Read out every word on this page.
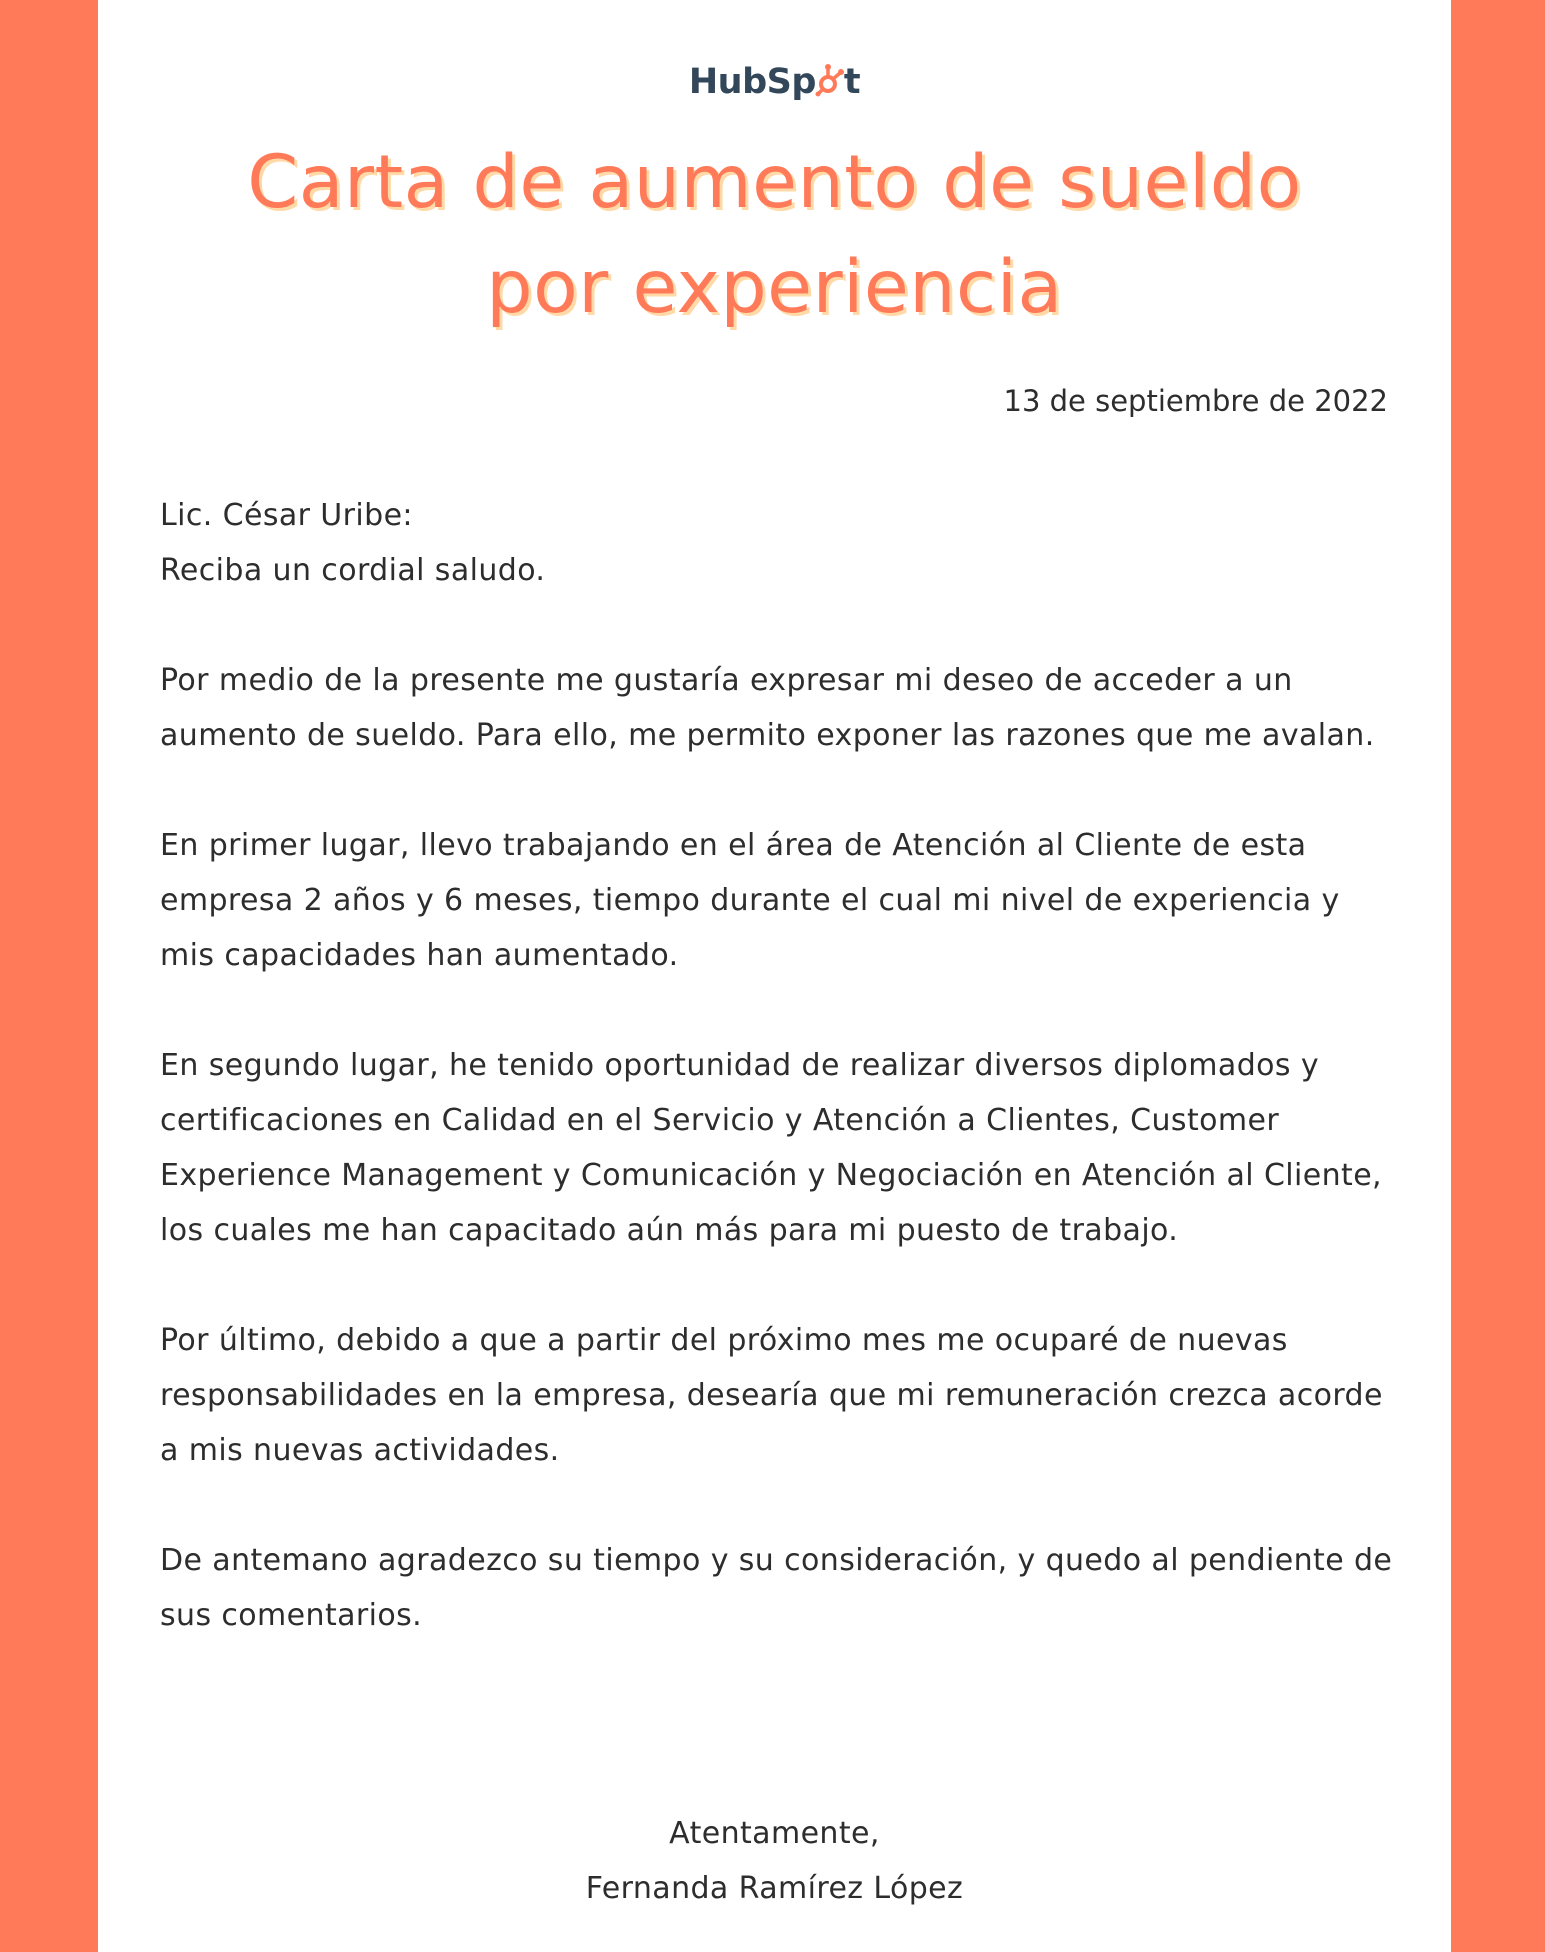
HubSp t
Carta de aumento de sueldo
por experiencia
13 de septiembre de 2022

Lic. César Uribe:
Reciba un cordial saludo.

Por medio de la presente me gustaría expresar mi deseo de acceder a un aumento de sueldo. Para ello, me permito exponer las razones que me avalan.

En primer lugar, llevo trabajando en el área de Atención al Cliente de esta empresa 2 años y 6 meses, tiempo durante el cual mi nivel de experiencia y mis capacidades han aumentado.

En segundo lugar, he tenido oportunidad de realizar diversos diplomados y certificaciones en Calidad en el Servicio y Atención a Clientes, Customer Experience Management y Comunicación y Negociación en Atención al Cliente, los cuales me han capacitado aún más para mi puesto de trabajo.

Por último, debido a que a partir del próximo mes me ocuparé de nuevas responsabilidades en la empresa, desearía que mi remuneración crezca acorde a mis nuevas actividades.

De antemano agradezco su tiempo y su consideración, y quedo al pendiente de sus comentarios.

Atentamente,
Fernanda Ramírez López
